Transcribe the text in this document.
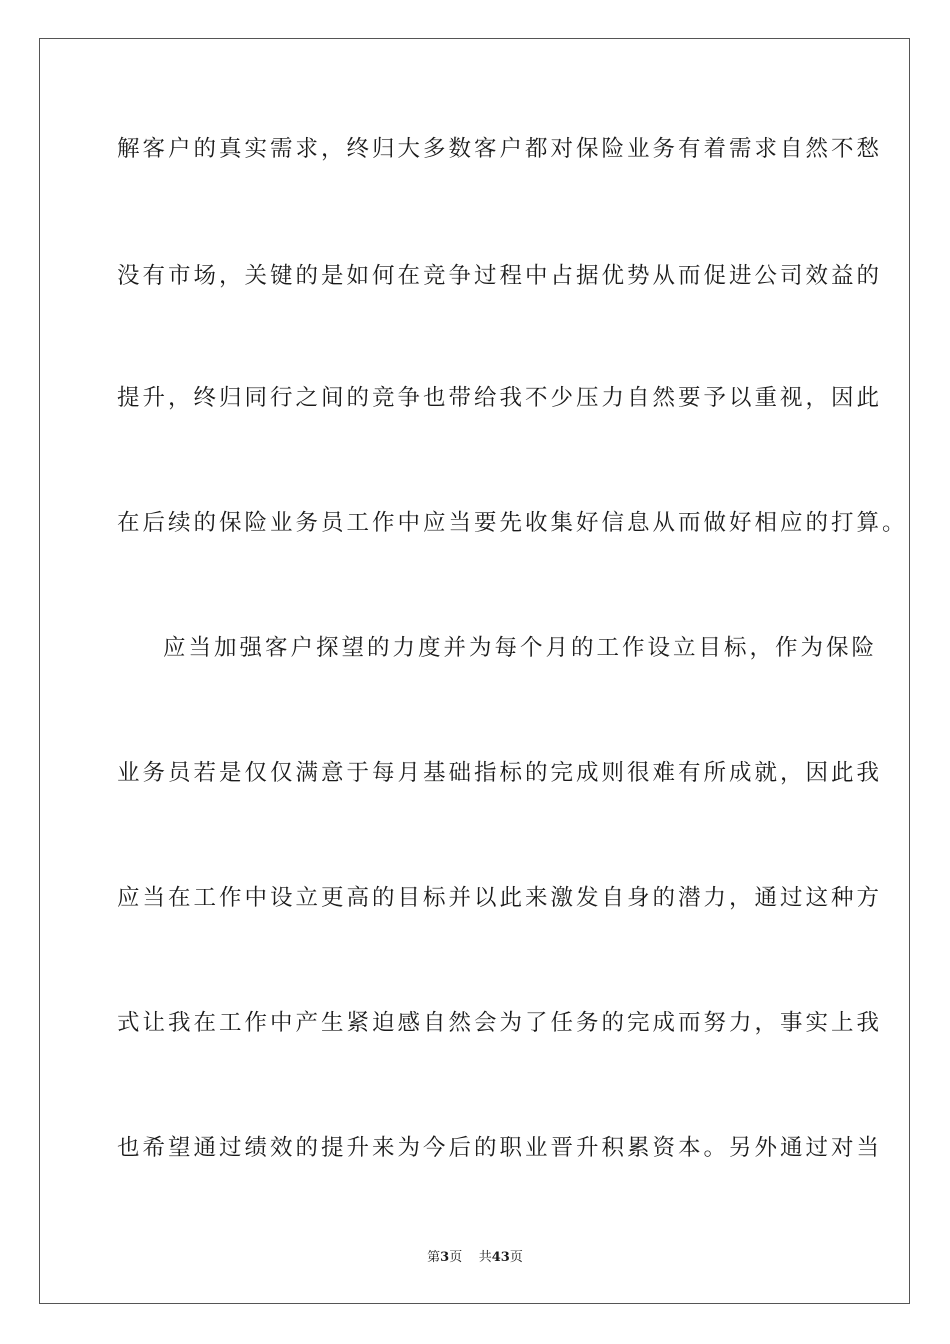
解客户的真实需求，终归大多数客户都对保险业务有着需求自然不愁
没有市场，关键的是如何在竞争过程中占据优势从而促进公司效益的
提升，终归同行之间的竞争也带给我不少压力自然要予以重视，因此
在后续的保险业务员工作中应当要先收集好信息从而做好相应的打算。
应当加强客户探望的力度并为每个月的工作设立目标，作为保险
业务员若是仅仅满意于每月基础指标的完成则很难有所成就，因此我
应当在工作中设立更高的目标并以此来激发自身的潜力，通过这种方
式让我在工作中产生紧迫感自然会为了任务的完成而努力，事实上我
也希望通过绩效的提升来为今后的职业晋升积累资本。另外通过对当
第3页 共43页
